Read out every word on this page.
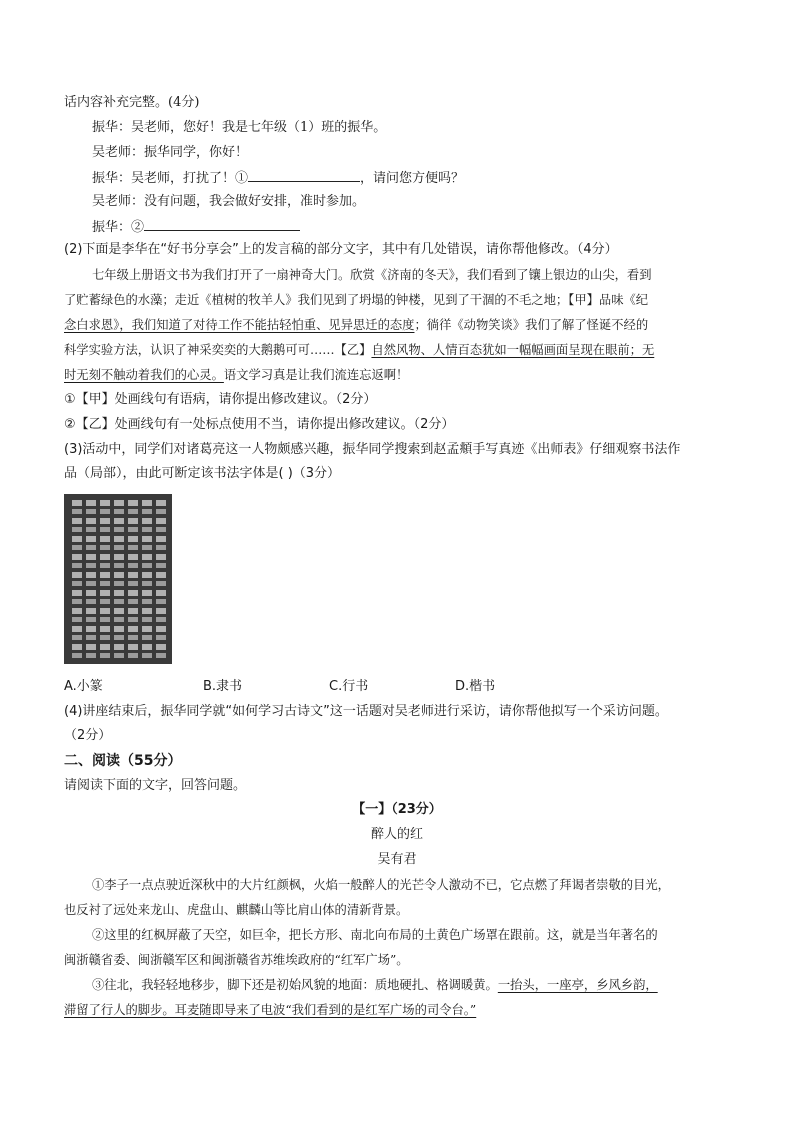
话内容补充完整。(4分)
振华：吴老师，您好！我是七年级（1）班的振华。
吴老师：振华同学，你好！
振华：吴老师，打扰了！①	，请问您方便吗？
吴老师：没有问题，我会做好安排，准时参加。
振华：②
(2)下面是李华在“好书分享会”上的发言稿的部分文字，其中有几处错误，请你帮他修改。（4分）
七年级上册语文书为我们打开了一扇神奇大门。欣赏《济南的冬天》，我们看到了镶上银边的山尖，看到
了贮蓄绿色的水藻；走近《植树的牧羊人》我们见到了坍塌的钟楼，见到了干涸的不毛之地；【甲】品味《纪
念白求恩》，我们知道了对待工作不能拈轻怕重、见异思迁的态度；徜徉《动物笑谈》我们了解了怪诞不经的
科学实验方法，认识了神采奕奕的大鹅鹅可可……【乙】自然风物、人情百态犹如一幅幅画面呈现在眼前；无
时无刻不触动着我们的心灵。语文学习真是让我们流连忘返啊！
①【甲】处画线句有语病，请你提出修改建议。（2分）
②【乙】处画线句有一处标点使用不当，请你提出修改建议。（2分）
(3)活动中，同学们对诸葛亮这一人物颇感兴趣，振华同学搜索到赵孟頫手写真迹《出师表》仔细观察书法作
品（局部），由此可断定该书法字体是( )（3分）
A.小篆	B.隶书	C.行书	D.楷书
(4)讲座结束后，振华同学就“如何学习古诗文”这一话题对吴老师进行采访，请你帮他拟写一个采访问题。
（2分）
二、阅读（55分）
请阅读下面的文字，回答问题。
【一】（23分）
醉人的红
吴有君
①李子一点点驶近深秋中的大片红颜枫，火焰一般醉人的光芒令人激动不已，它点燃了拜谒者崇敬的目光，
也反衬了远处来龙山、虎盘山、麒麟山等比肩山体的清新背景。
②这里的红枫屏蔽了天空，如巨伞，把长方形、南北向布局的土黄色广场罩在跟前。这，就是当年著名的
闽浙赣省委、闽浙赣军区和闽浙赣省苏维埃政府的“红军广场”。
③往北，我轻轻地移步，脚下还是初始风貌的地面：质地硬扎、格调暖黄。一抬头，一座亭，乡风乡韵，
滞留了行人的脚步。耳麦随即导来了电波“我们看到的是红军广场的司令台。”
